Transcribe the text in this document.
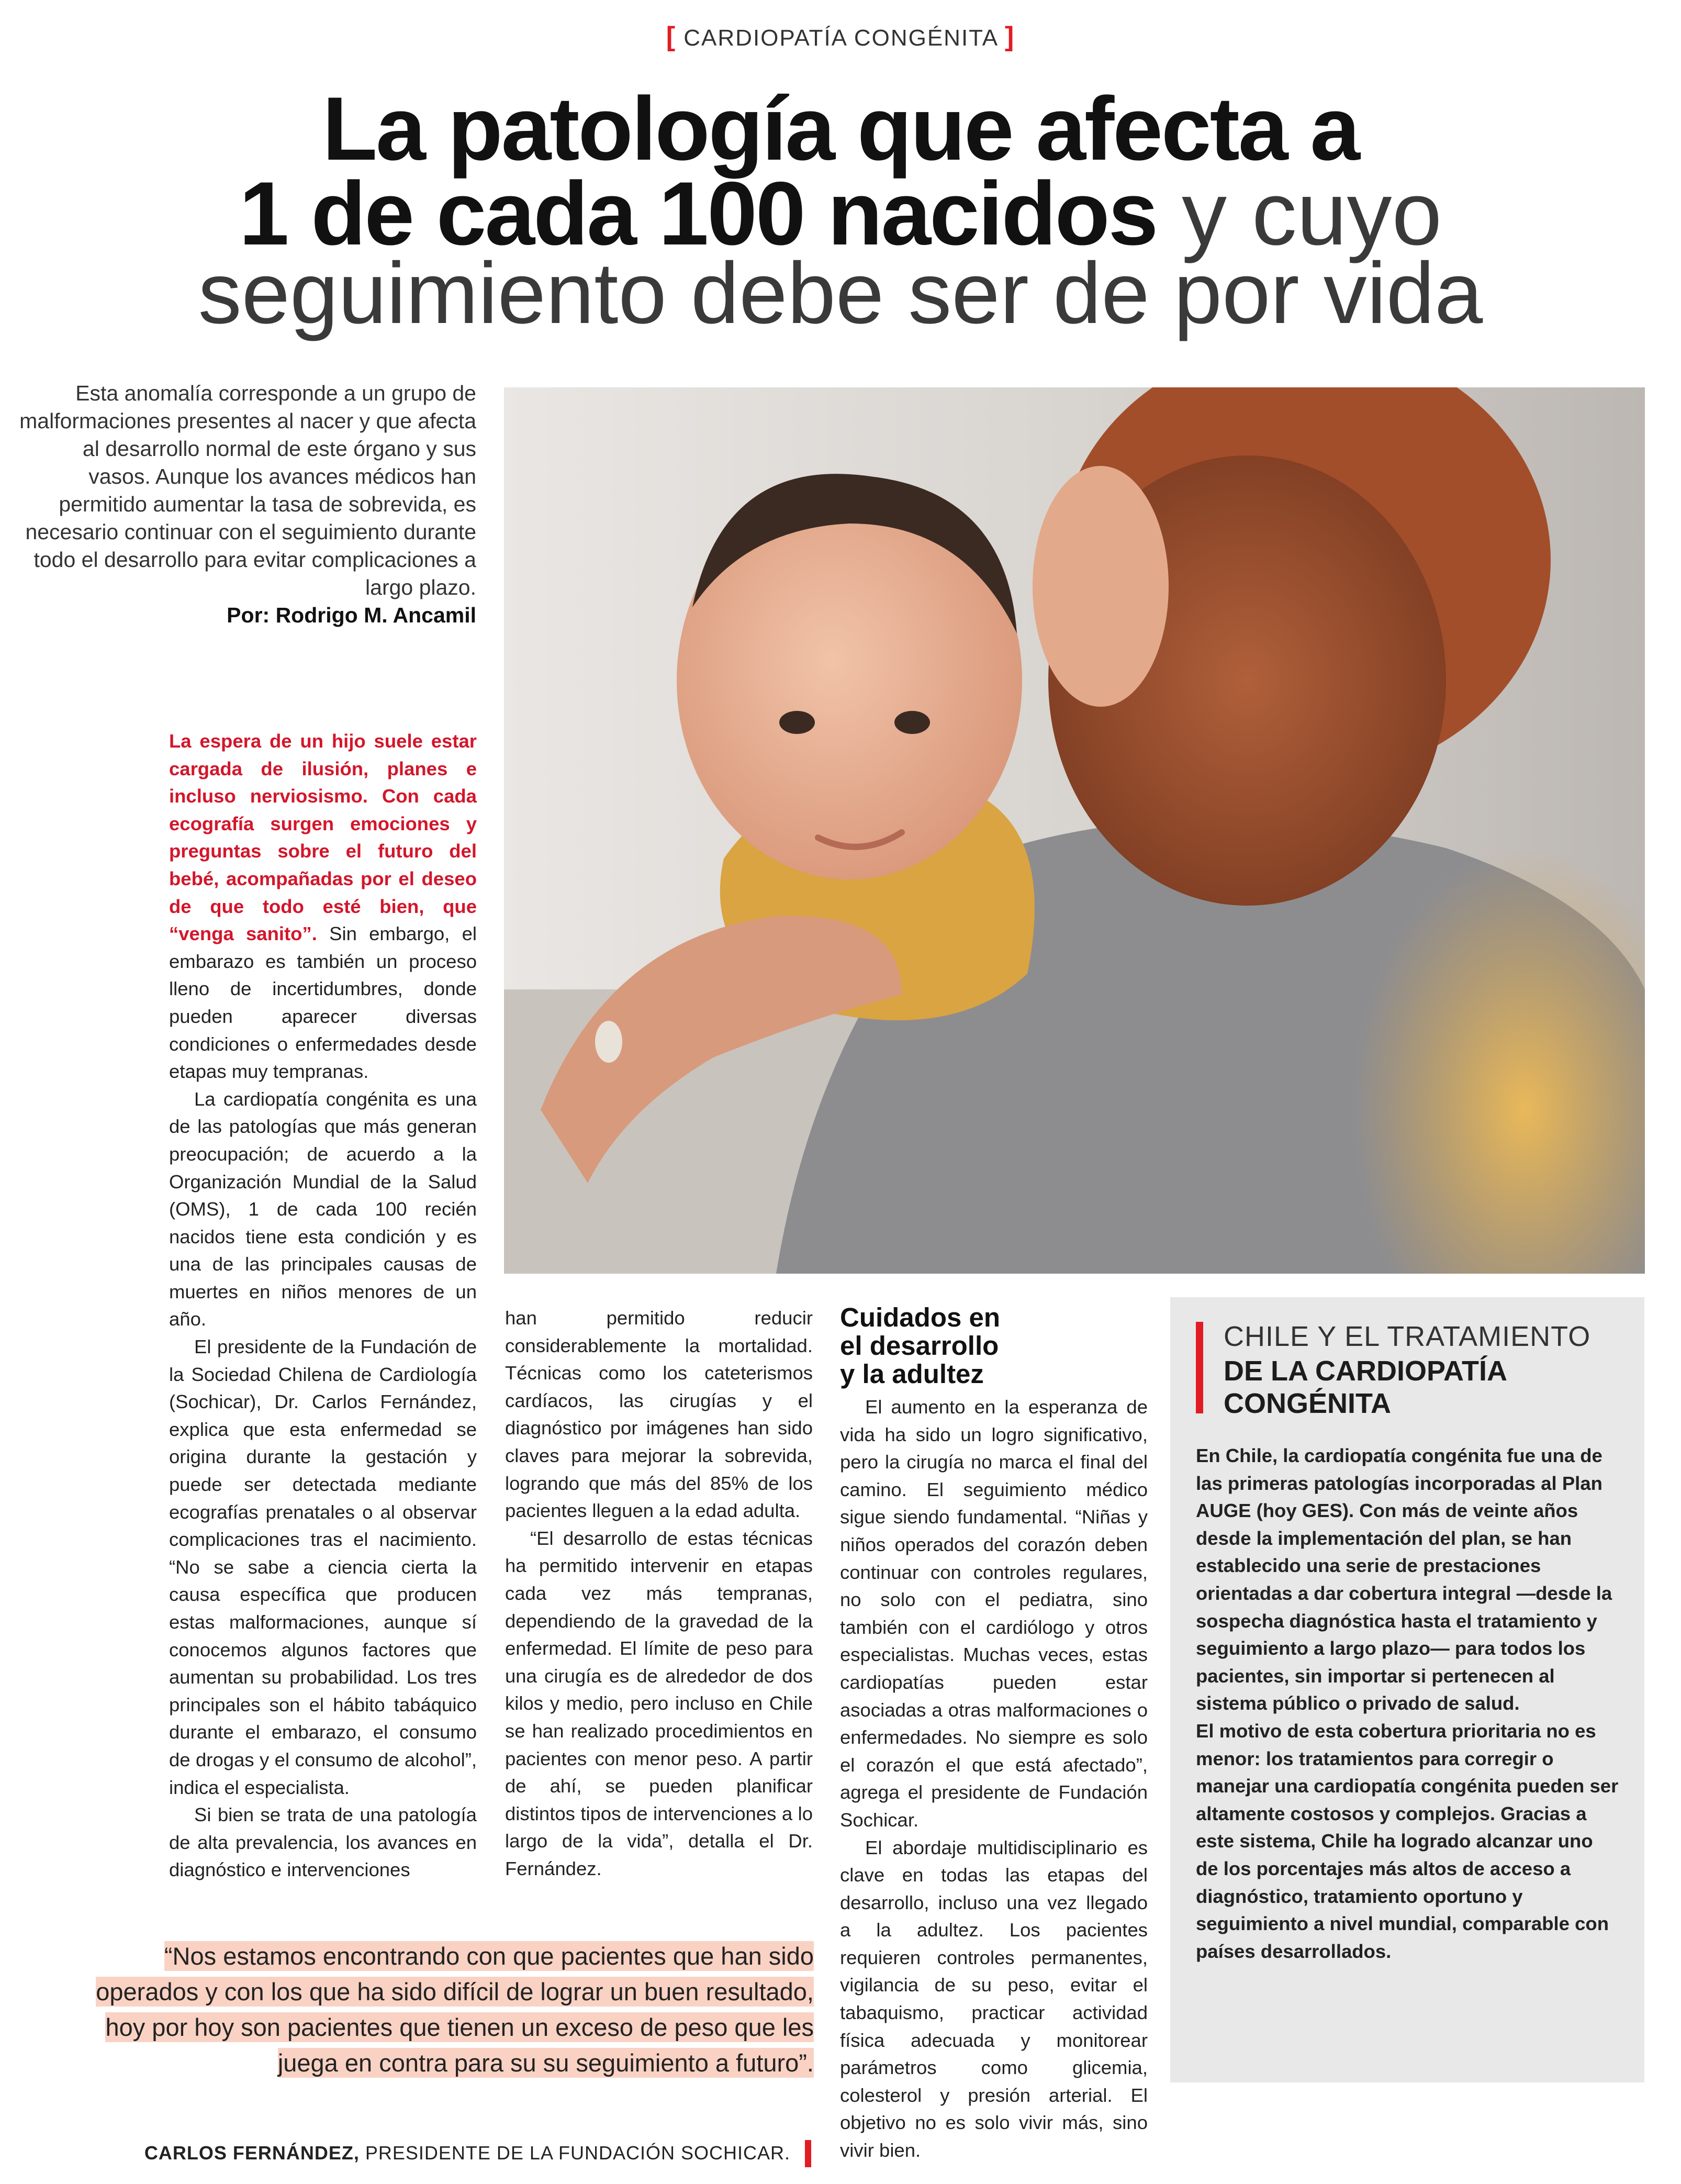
[ CARDIOPATÍA CONGÉNITA ]
La patología que afecta a
1 de cada 100 nacidos y cuyo
seguimiento debe ser de por vida

Esta anomalía corresponde a un grupo de malformaciones presentes al nacer y que afecta al desarrollo normal de este órgano y sus vasos. Aunque los avances médicos han permitido aumentar la tasa de sobrevida, es necesario continuar con el seguimiento durante todo el desarrollo para evitar complicaciones a largo plazo.

Por: Rodrigo M. Ancamil

La espera de un hijo suele estar cargada de ilusión, planes e incluso nerviosismo. Con cada ecografía surgen emociones y preguntas sobre el futuro del bebé, acompañadas por el deseo de que todo esté bien, que “venga sanito”. Sin embargo, el embarazo es también un proceso lleno de incertidumbres, donde pueden aparecer diversas condiciones o enfermedades desde etapas muy tempranas.

La cardiopatía congénita es una de las patologías que más generan preocupación; de acuerdo a la Organización Mundial de la Salud (OMS), 1 de cada 100 recién nacidos tiene esta condición y es una de las principales causas de muertes en niños menores de un año.

El presidente de la Fundación de la Sociedad Chilena de Cardiología (Sochicar), Dr. Carlos Fernández, explica que esta enfermedad se origina durante la gestación y puede ser detectada mediante ecografías prenatales o al observar complicaciones tras el nacimiento. “No se sabe a ciencia cierta la causa específica que producen estas malformaciones, aunque sí conocemos algunos factores que aumentan su probabilidad. Los tres principales son el hábito tabáquico durante el embarazo, el consumo de drogas y el consumo de alcohol”, indica el especialista.

Si bien se trata de una patología de alta prevalencia, los avances en diagnóstico e intervenciones

han permitido reducir considerablemente la mortalidad. Técnicas como los cateterismos cardíacos, las cirugías y el diagnóstico por imágenes han sido claves para mejorar la sobrevida, logrando que más del 85% de los pacientes lleguen a la edad adulta.

“El desarrollo de estas técnicas ha permitido intervenir en etapas cada vez más tempranas, dependiendo de la gravedad de la enfermedad. El límite de peso para una cirugía es de alrededor de dos kilos y medio, pero incluso en Chile se han realizado procedimientos en pacientes con menor peso. A partir de ahí, se pueden planificar distintos tipos de intervenciones a lo largo de la vida”, detalla el Dr. Fernández.

Cuidados en
el desarrollo
y la adultez

El aumento en la esperanza de vida ha sido un logro significativo, pero la cirugía no marca el final del camino. El seguimiento médico sigue siendo fundamental. “Niñas y niños operados del corazón deben continuar con controles regulares, no solo con el pediatra, sino también con el cardiólogo y otros especialistas. Muchas veces, estas cardiopatías pueden estar asociadas a otras malformaciones o enfermedades. No siempre es solo el corazón el que está afectado”, agrega el presidente de Fundación Sochicar.

El abordaje multidisciplinario es clave en todas las etapas del desarrollo, incluso una vez llegado a la adultez. Los pacientes requieren controles permanentes, vigilancia de su peso, evitar el tabaquismo, practicar actividad física adecuada y monitorear parámetros como glicemia, colesterol y presión arterial. El objetivo no es solo vivir más, sino vivir bien.

CHILE Y EL TRATAMIENTO
DE LA CARDIOPATÍA
CONGÉNITA

En Chile, la cardiopatía congénita fue una de las primeras patologías incorporadas al Plan AUGE (hoy GES). Con más de veinte años desde la implementación del plan, se han establecido una serie de prestaciones orientadas a dar cobertura integral —desde la sospecha diagnóstica hasta el tratamiento y seguimiento a largo plazo— para todos los pacientes, sin importar si pertenecen al sistema público o privado de salud.

El motivo de esta cobertura prioritaria no es menor: los tratamientos para corregir o manejar una cardiopatía congénita pueden ser altamente costosos y complejos. Gracias a este sistema, Chile ha logrado alcanzar uno de los porcentajes más altos de acceso a diagnóstico, tratamiento oportuno y seguimiento a nivel mundial, comparable con países desarrollados.

“Nos estamos encontrando con que pacientes que han sido operados y con los que ha sido difícil de lograr un buen resultado, hoy por hoy son pacientes que tienen un exceso de peso que les juega en contra para su su seguimiento a futuro”.
CARLOS FERNÁNDEZ, PRESIDENTE DE LA FUNDACIÓN SOCHICAR.
